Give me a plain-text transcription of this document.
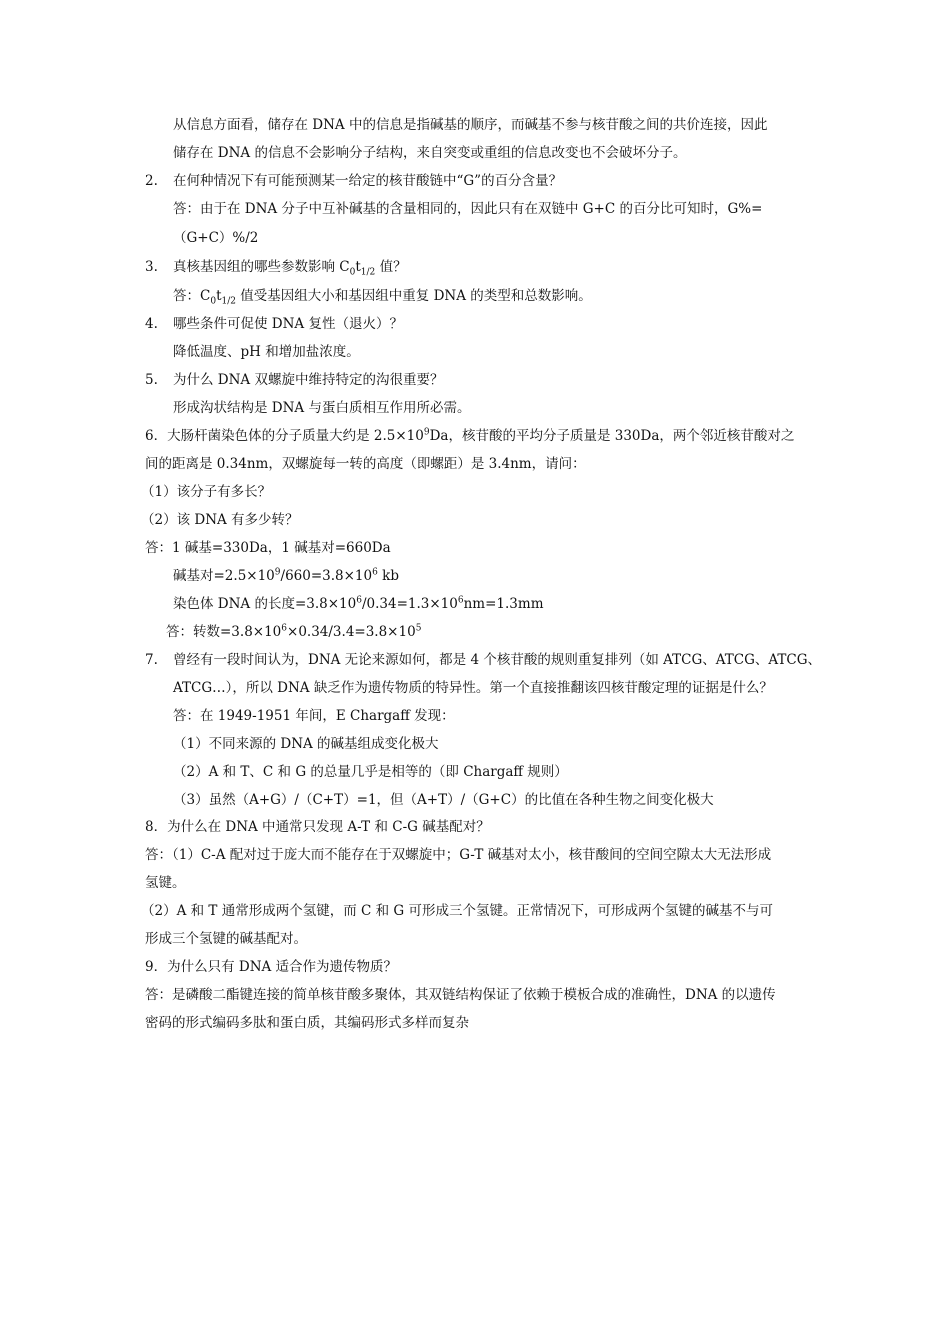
从信息方面看，储存在 DNA 中的信息是指碱基的顺序，而碱基不参与核苷酸之间的共价连接，因此
储存在 DNA 的信息不会影响分子结构，来自突变或重组的信息改变也不会破坏分子。
2. 在何种情况下有可能预测某一给定的核苷酸链中“G”的百分含量？
答：由于在 DNA 分子中互补碱基的含量相同的，因此只有在双链中 G+C 的百分比可知时，G%=
（G+C）%/2
3. 真核基因组的哪些参数影响 $C_0t_{1/2}$ 值？
答：$C_0t_{1/2}$ 值受基因组大小和基因组中重复 DNA 的类型和总数影响。
4. 哪些条件可促使 DNA 复性（退火）？
降低温度、pH 和增加盐浓度。
5. 为什么 DNA 双螺旋中维持特定的沟很重要？
形成沟状结构是 DNA 与蛋白质相互作用所必需。
6．大肠杆菌染色体的分子质量大约是 $2.5\times 10^9Da$，核苷酸的平均分子质量是 330Da，两个邻近核苷酸对之
间的距离是 0.34nm，双螺旋每一转的高度（即螺距）是 3.4nm，请问：
（1）该分子有多长？
（2）该 DNA 有多少转？
答：1 碱基=330Da，1 碱基对=660Da
碱基对$=2.5\times 10^9/660=3.8\times 10^6$ kb
染色体 DNA 的长度$=3.8\times 10^6/0.34=1.3\times 10^6nm=1.3mm$
答：转数$=3.8\times 10^6\times 0.34/3.4=3.8\times 10^5$
7. 曾经有一段时间认为，DNA 无论来源如何，都是 4 个核苷酸的规则重复排列（如 ATCG、ATCG、ATCG、
ATCG…），所以 DNA 缺乏作为遗传物质的特异性。第一个直接推翻该四核苷酸定理的证据是什么？
答：在 1949-1951 年间，E Chargaff 发现：
（1）不同来源的 DNA 的碱基组成变化极大
（2）A 和 T、C 和 G 的总量几乎是相等的（即 Chargaff 规则）
（3）虽然（A+G）/（C+T）=1，但（A+T）/（G+C）的比值在各种生物之间变化极大
8．为什么在 DNA 中通常只发现 A-T 和 C-G 碱基配对？
答：（1）C-A 配对过于庞大而不能存在于双螺旋中；G-T 碱基对太小，核苷酸间的空间空隙太大无法形成
氢键。
（2）A 和 T 通常形成两个氢键，而 C 和 G 可形成三个氢键。正常情况下，可形成两个氢键的碱基不与可
形成三个氢键的碱基配对。
9．为什么只有 DNA 适合作为遗传物质？
答：是磷酸二酯键连接的简单核苷酸多聚体，其双链结构保证了依赖于模板合成的准确性，DNA 的以遗传
密码的形式编码多肽和蛋白质，其编码形式多样而复杂
